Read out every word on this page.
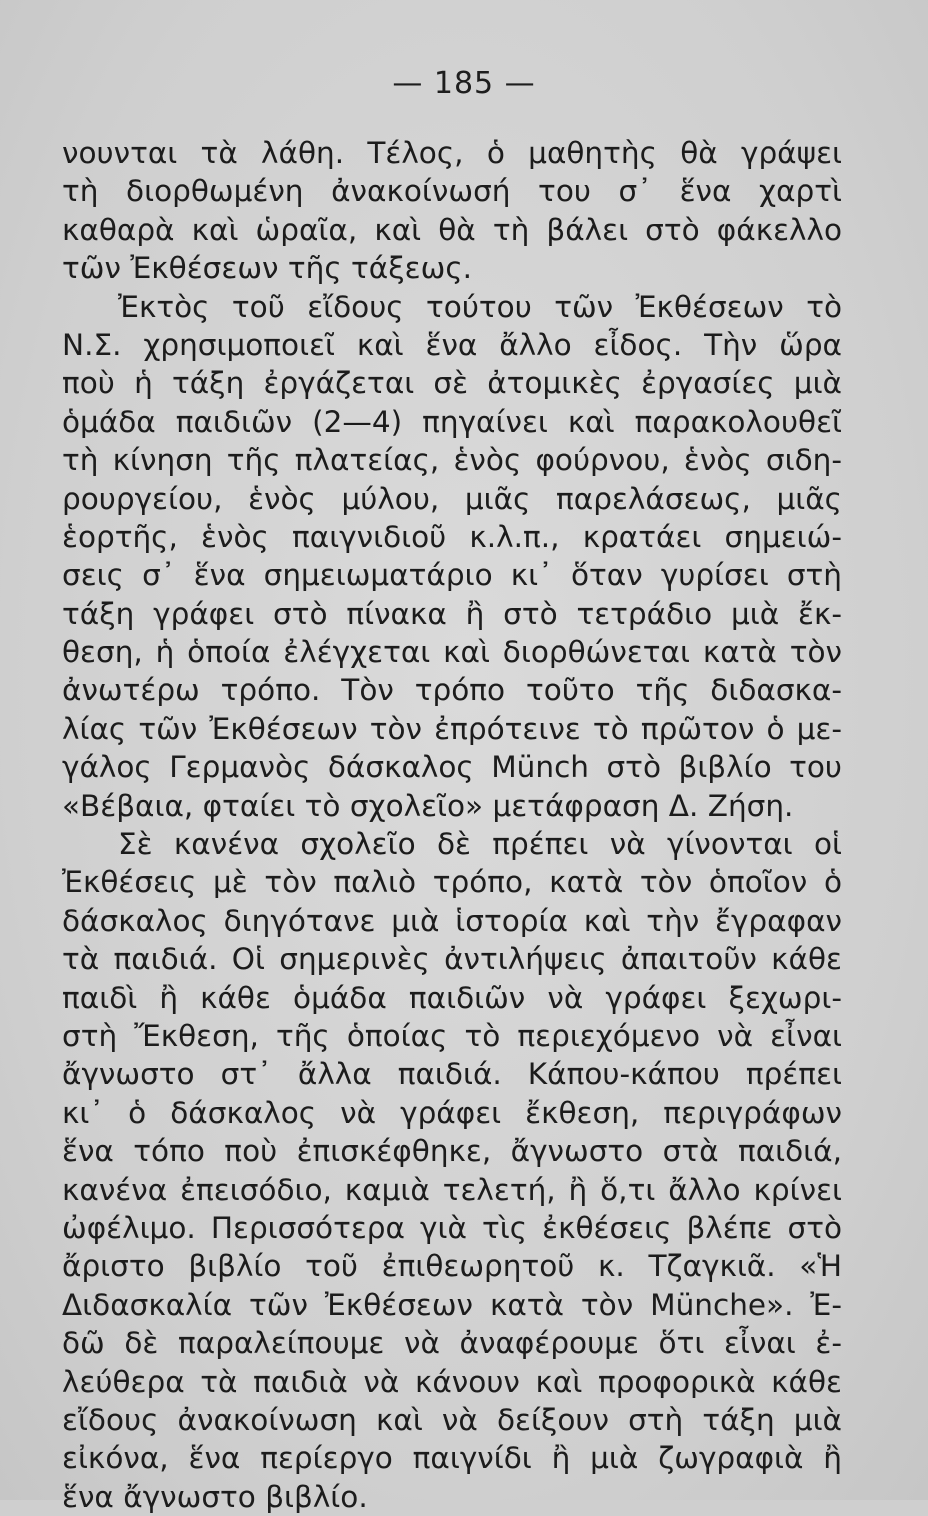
— 185 —
νουνται τὰ λάθη. Τέλος, ὁ μαθητὴς θὰ γράψει
τὴ διορθωμένη ἀνακοίνωσή του σ᾽ ἕνα χαρτὶ
καθαρὰ καὶ ὡραῖα, καὶ θὰ τὴ βάλει στὸ φάκελλο
τῶν Ἐκθέσεων τῆς τάξεως.
Ἐκτὸς τοῦ εἴδους τούτου τῶν Ἐκθέσεων τὸ
Ν.Σ. χρησιμοποιεῖ καὶ ἕνα ἄλλο εἶδος. Τὴν ὥρα
ποὺ ἡ τάξη ἐργάζεται σὲ ἀτομικὲς ἐργασίες μιὰ
ὁμάδα παιδιῶν (2—4) πηγαίνει καὶ παρακολουθεῖ
τὴ κίνηση τῆς πλατείας, ἑνὸς φούρνου, ἑνὸς σιδη-
ρουργείου, ἑνὸς μύλου, μιᾶς παρελάσεως, μιᾶς
ἑορτῆς, ἑνὸς παιγνιδιοῦ κ.λ.π., κρατάει σημειώ-
σεις σ᾽ ἕνα σημειωματάριο κι᾽ ὅταν γυρίσει στὴ
τάξη γράφει στὸ πίνακα ἢ στὸ τετράδιο μιὰ ἔκ-
θεση, ἡ ὁποία ἐλέγχεται καὶ διορθώνεται κατὰ τὸν
ἀνωτέρω τρόπο. Τὸν τρόπο τοῦτο τῆς διδασκα-
λίας τῶν Ἐκθέσεων τὸν ἐπρότεινε τὸ πρῶτον ὁ με-
γάλος Γερμανὸς δάσκαλος Münch στὸ βιβλίο του
«Βέβαια, φταίει τὸ σχολεῖο» μετάφραση Δ. Ζήση.
Σὲ κανένα σχολεῖο δὲ πρέπει νὰ γίνονται οἱ
Ἐκθέσεις μὲ τὸν παλιὸ τρόπο, κατὰ τὸν ὁποῖον ὁ
δάσκαλος διηγότανε μιὰ ἱστορία καὶ τὴν ἔγραφαν
τὰ παιδιά. Οἱ σημερινὲς ἀντιλήψεις ἀπαιτοῦν κάθε
παιδὶ ἢ κάθε ὁμάδα παιδιῶν νὰ γράφει ξεχωρι-
στὴ Ἔκθεση, τῆς ὁποίας τὸ περιεχόμενο νὰ εἶναι
ἄγνωστο στ᾽ ἄλλα παιδιά. Κάπου-κάπου πρέπει
κι᾽ ὁ δάσκαλος νὰ γράφει ἔκθεση, περιγράφων
ἕνα τόπο ποὺ ἐπισκέφθηκε, ἄγνωστο στὰ παιδιά,
κανένα ἐπεισόδιο, καμιὰ τελετή, ἢ ὅ,τι ἄλλο κρίνει
ὠφέλιμο. Περισσότερα γιὰ τὶς ἐκθέσεις βλέπε στὸ
ἄριστο βιβλίο τοῦ ἐπιθεωρητοῦ κ. Τζαγκιᾶ. «Ἡ
Διδασκαλία τῶν Ἐκθέσεων κατὰ τὸν Münche». Ἐ-
δῶ δὲ παραλείπουμε νὰ ἀναφέρουμε ὅτι εἶναι ἐ-
λεύθερα τὰ παιδιὰ νὰ κάνουν καὶ προφορικὰ κάθε
εἴδους ἀνακοίνωση καὶ νὰ δείξουν στὴ τάξη μιὰ
εἰκόνα, ἕνα περίεργο παιγνίδι ἢ μιὰ ζωγραφιὰ ἢ
ἕνα ἄγνωστο βιβλίο.
